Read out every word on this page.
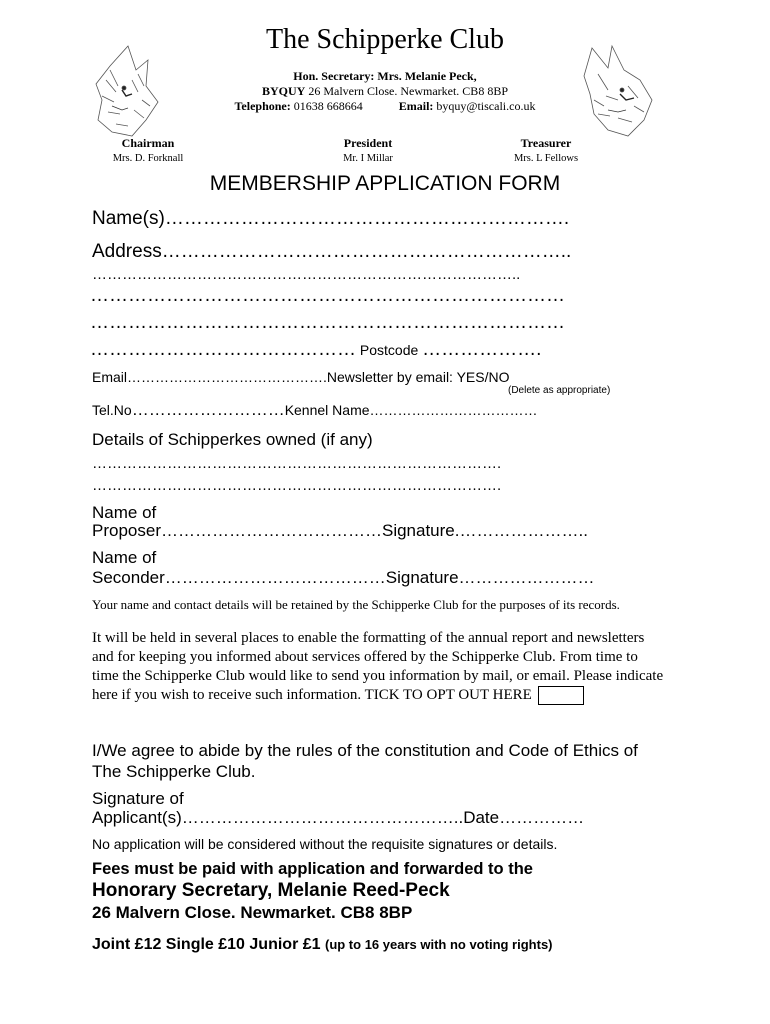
The Schipperke Club
Hon. Secretary: Mrs. Melanie Peck,
BYQUY 26 Malvern Close. Newmarket. CB8 8BP
Telephone: 01638 668664	Email: byquy@tiscali.co.uk
Chairman
Mrs. D. Forknall
President
Mr. I Millar
Treasurer
Mrs. L Fellows
MEMBERSHIP APPLICATION FORM
Name(s)……………………………………………………….
Address………………………………………………………..
…………………………………………………………………………..
…………………………………………………………………
…………………………………………………………………
…………………………………… Postcode ……………….
Email…………………………………….Newsletter by email: YES/NO
(Delete as appropriate)
Tel.No………………………Kennel Name………………………………
Details of Schipperkes owned (if any)
……………………………………………………………………….
……………………………………………………………………….
Name of
Proposer…………………………………Signature.…………………..
Name of
Seconder…………………………………Signature……………………
Your name and contact details will be retained by the Schipperke Club for the purposes of its records.
It will be held in several places to enable the formatting of the annual report and newsletters and for keeping you informed about services offered by the Schipperke Club. From time to time the Schipperke Club would like to send you information by mail, or email. Please indicate here if you wish to receive such information. TICK TO OPT OUT HERE
I/We agree to abide by the rules of the constitution and Code of Ethics of
The Schipperke Club.
Signature of
Applicant(s)…………………………………………..Date……………
No application will be considered without the requisite signatures or details.
Fees must be paid with application and forwarded to the
Honorary Secretary, Melanie Reed-Peck
26 Malvern Close. Newmarket. CB8 8BP
Joint £12 Single £10 Junior £1 (up to 16 years with no voting rights)
